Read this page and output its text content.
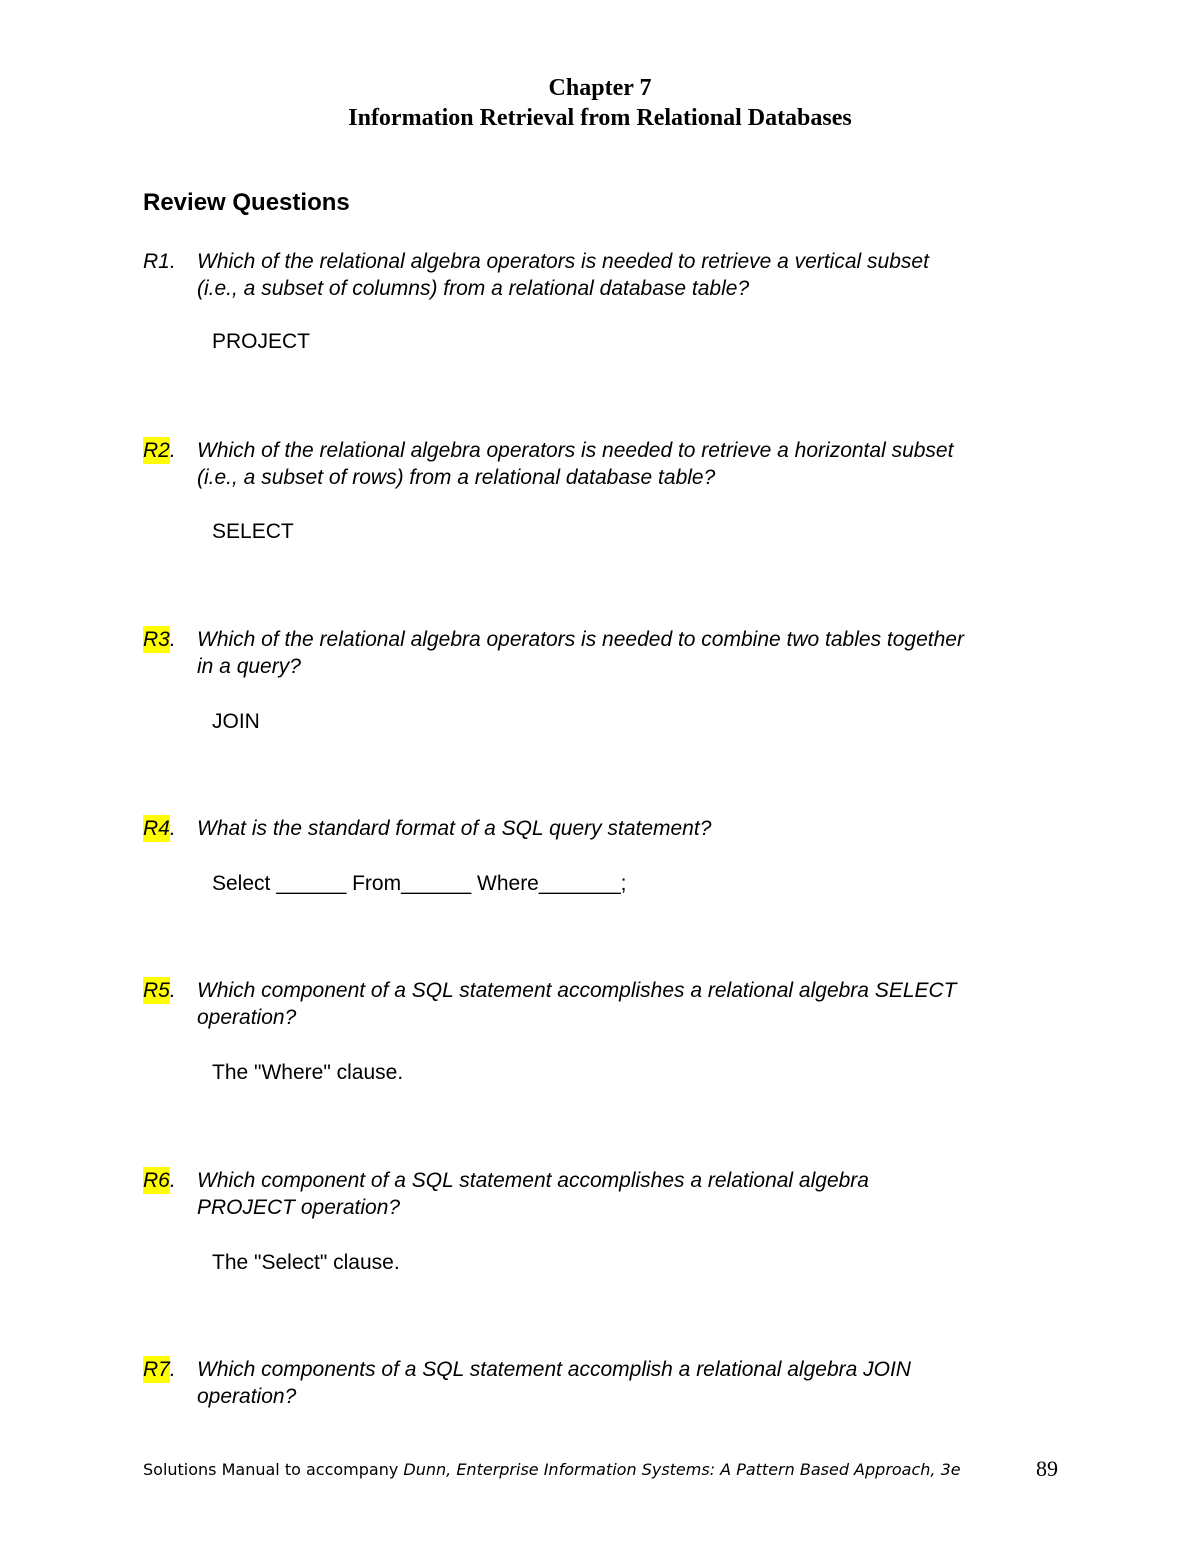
Chapter 7
Information Retrieval from Relational Databases
Review Questions
R1 . Which of the relational algebra operators is needed to retrieve a vertical subset
(i.e., a subset of columns) from a relational database table?
PROJECT
R2 . Which of the relational algebra operators is needed to retrieve a horizontal subset
(i.e., a subset of rows) from a relational database table?
SELECT
R3 . Which of the relational algebra operators is needed to combine two tables together
in a query?
JOIN
R4 . What is the standard format of a SQL query statement?
Select ______ From______ Where_______;
R5 . Which component of a SQL statement accomplishes a relational algebra SELECT
operation?
The "Where" clause.
R6 . Which component of a SQL statement accomplishes a relational algebra
PROJECT operation?
The "Select" clause.
R7 . Which components of a SQL statement accomplish a relational algebra JOIN
operation?
Solutions Manual to accompany Dunn, Enterprise Information Systems: A Pattern Based Approach, 3e	89
